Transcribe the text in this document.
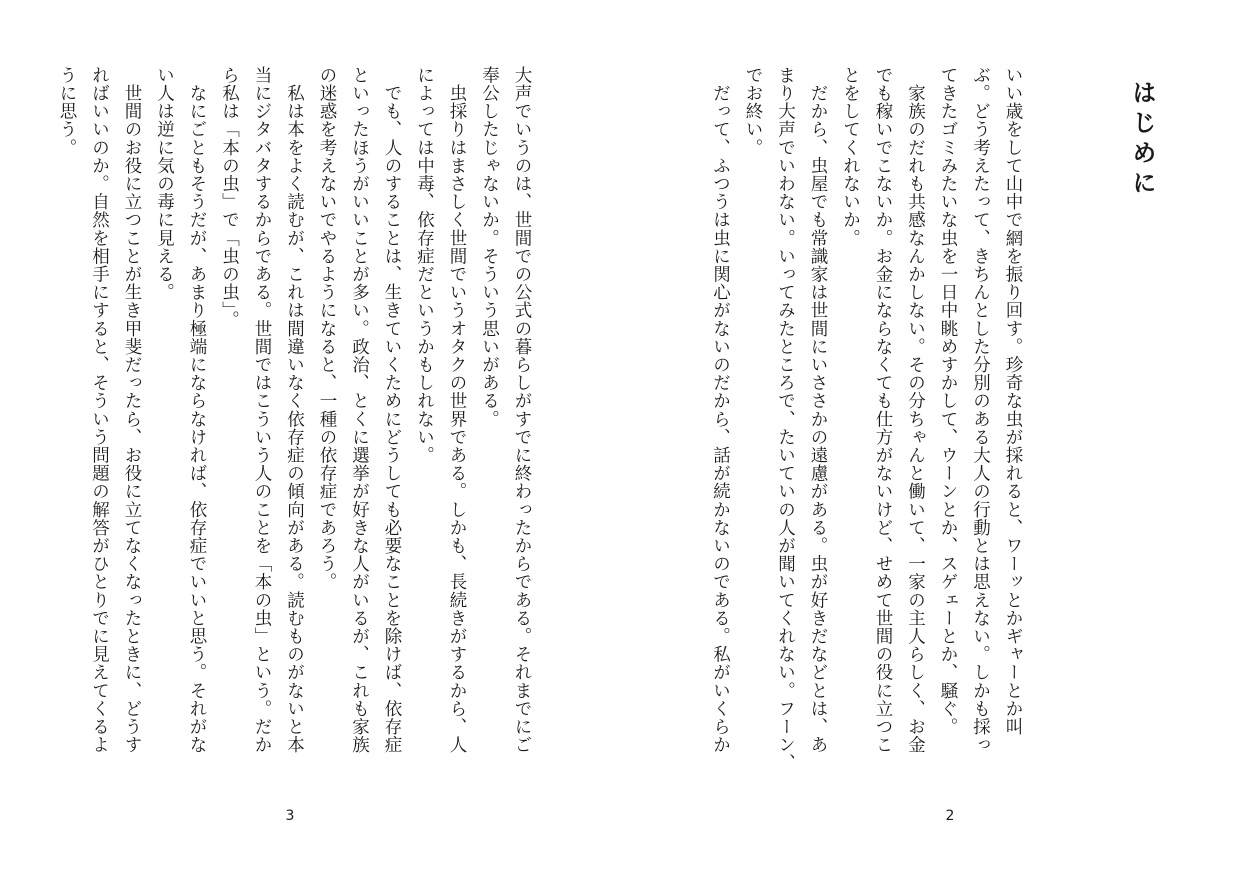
はじめに
いい歳をして山中で網を振り回す。珍奇な虫が採れると、ワーッとかギャーとか叫
ぶ。どう考えたって、きちんとした分別のある大人の行動とは思えない。しかも採っ
てきたゴミみたいな虫を一日中眺めすかして、ウーンとか、スゲェーとか、騒ぐ。
　家族のだれも共感なんかしない。その分ちゃんと働いて、一家の主人らしく、お金
でも稼いでこないか。お金にならなくても仕方がないけど、せめて世間の役に立つこ
とをしてくれないか。
　だから、虫屋でも常識家は世間にいささかの遠慮がある。虫が好きだなどとは、あ
まり大声でいわない。いってみたところで、たいていの人が聞いてくれない。フーン、
でお終い。
　だって、ふつうは虫に関心がないのだから、話が続かないのである。私がいくらか
2
大声でいうのは、世間での公式の暮らしがすでに終わったからである。それまでにご
奉公したじゃないか。そういう思いがある。
　虫採りはまさしく世間でいうオタクの世界である。しかも、長続きがするから、人
によっては中毒、依存症だというかもしれない。
　でも、人のすることは、生きていくためにどうしても必要なことを除けば、依存症
といったほうがいいことが多い。政治、とくに選挙が好きな人がいるが、これも家族
の迷惑を考えないでやるようになると、一種の依存症であろう。
　私は本をよく読むが、これは間違いなく依存症の傾向がある。読むものがないと本
当にジタバタするからである。世間ではこういう人のことを「本の虫」という。だか
ら私は「本の虫」で「虫の虫」。
　なにごともそうだが、あまり極端にならなければ、依存症でいいと思う。それがな
い人は逆に気の毒に見える。
　世間のお役に立つことが生き甲斐だったら、お役に立てなくなったときに、どうす
ればいいのか。自然を相手にすると、そういう問題の解答がひとりでに見えてくるよ
うに思う。
3
